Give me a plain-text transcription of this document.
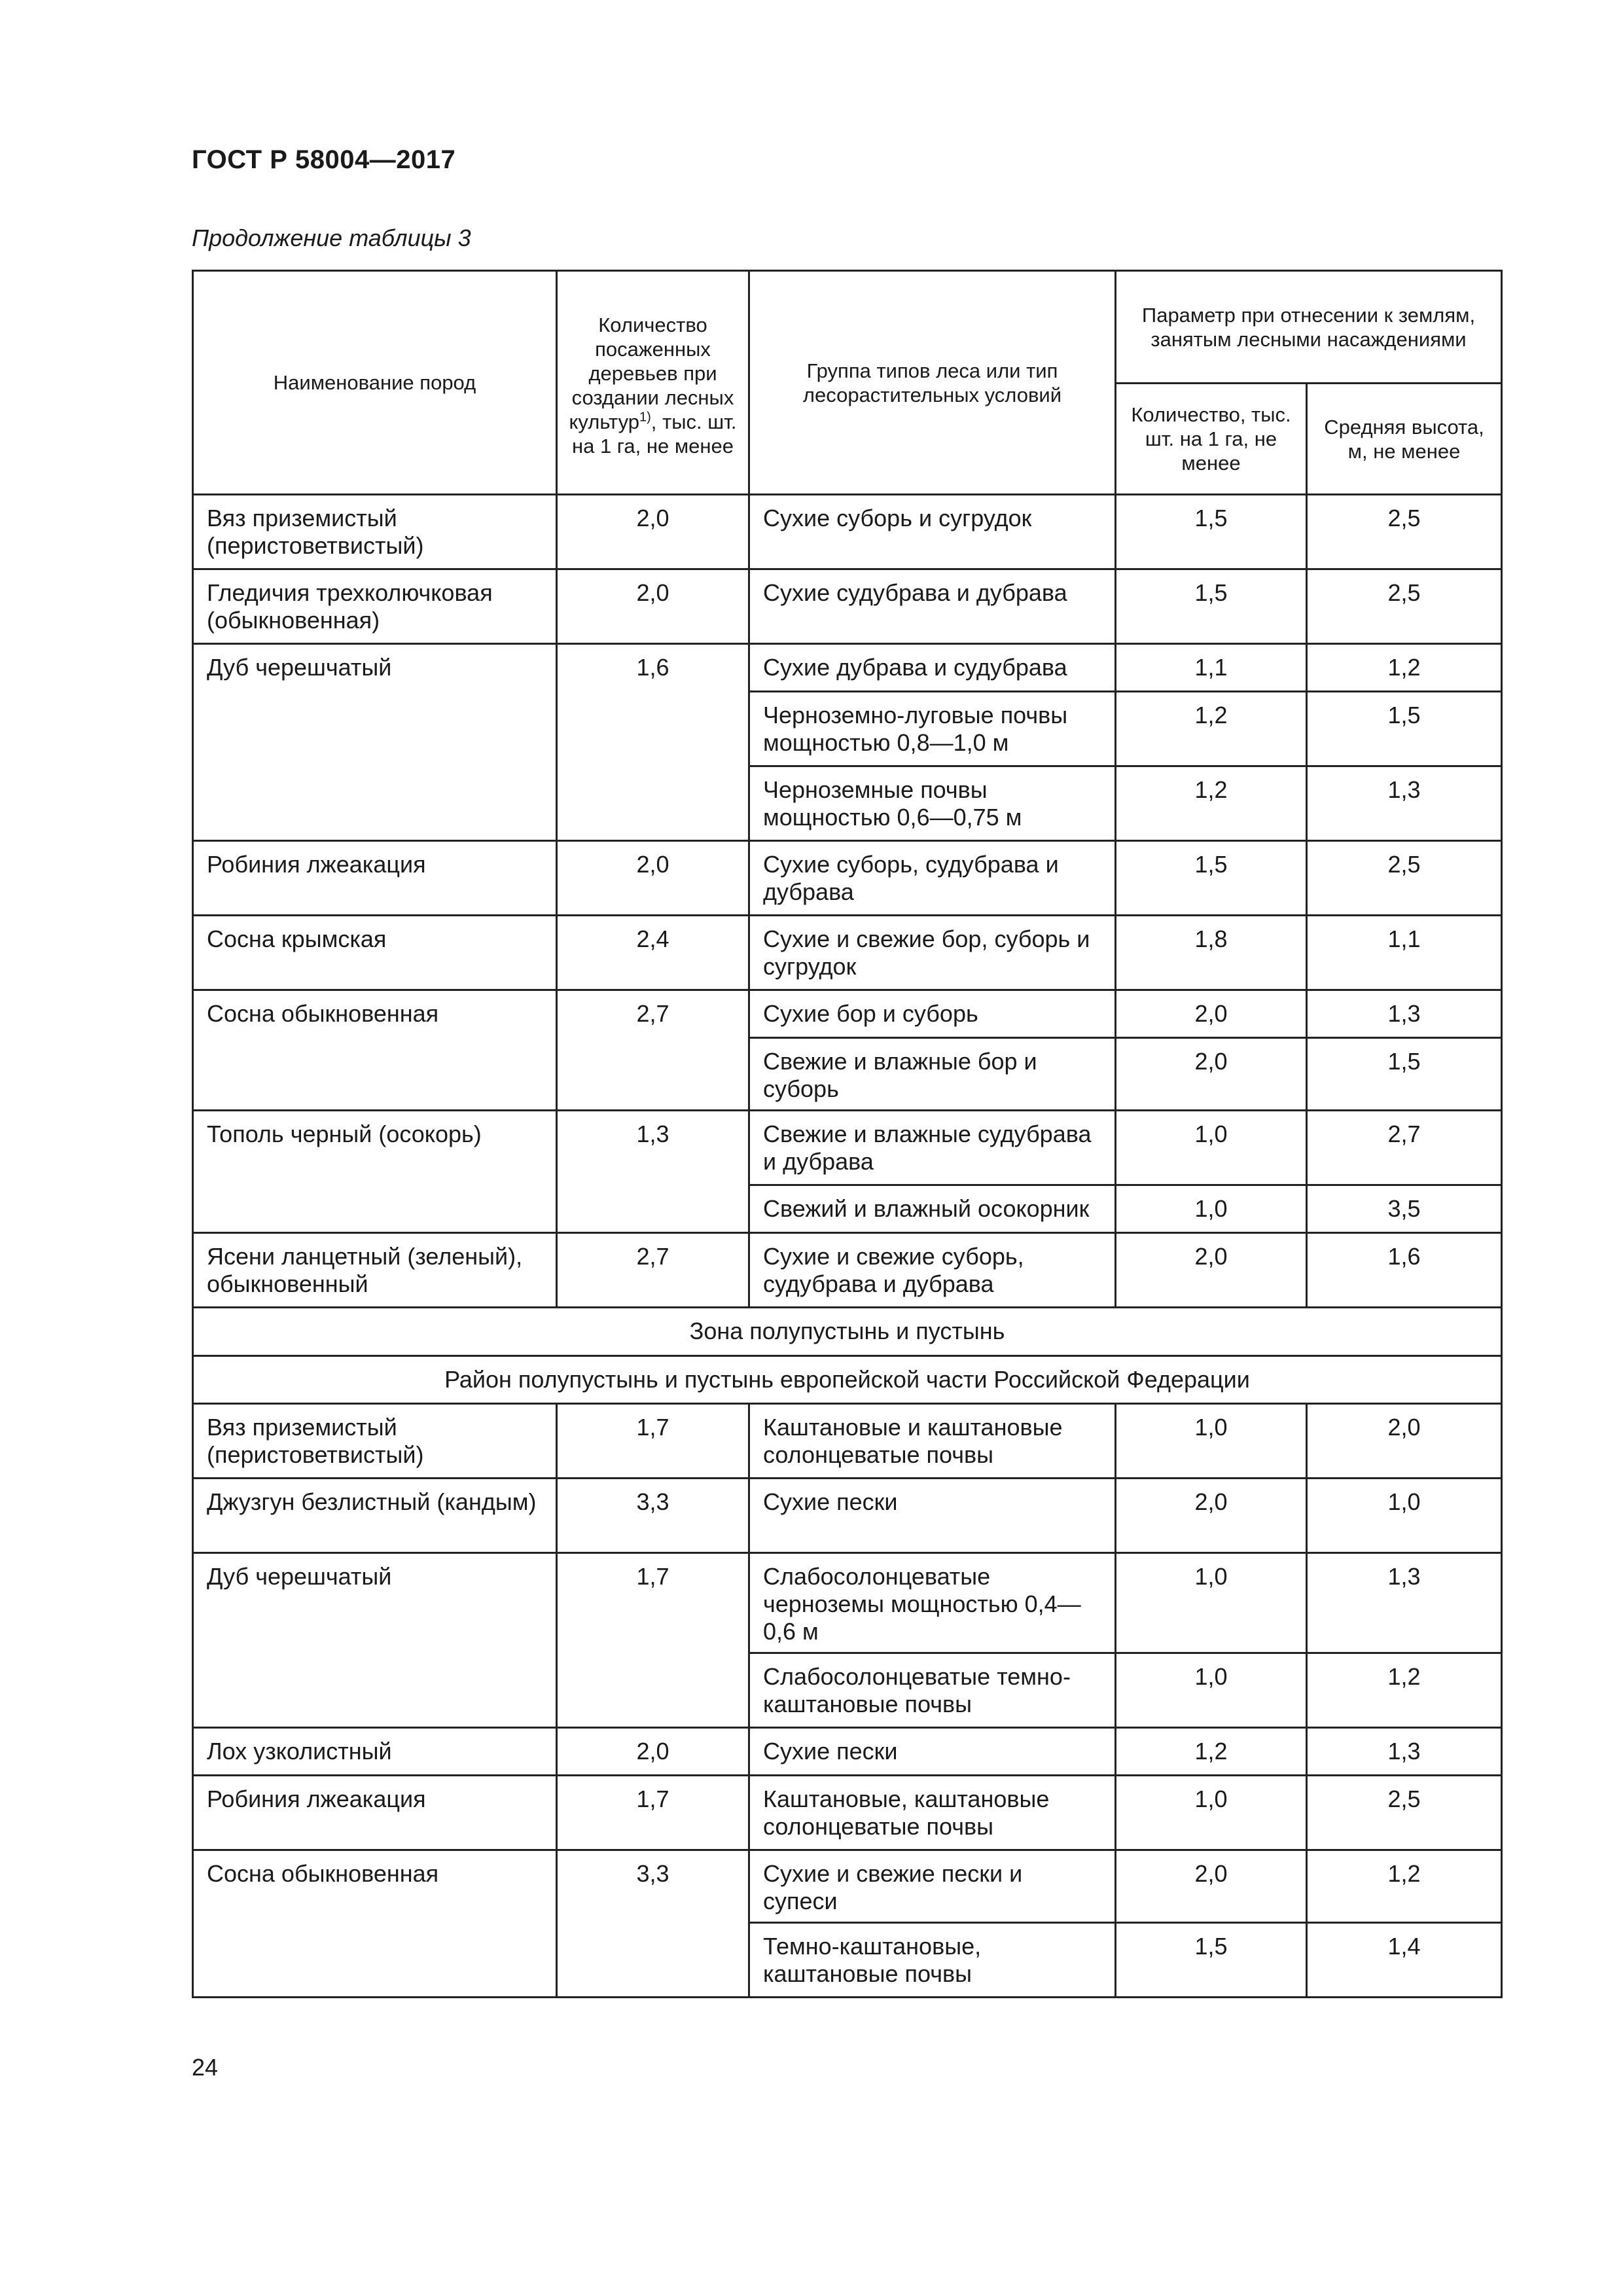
ГОСТ Р 58004—2017
Продолжение таблицы 3
Наименование пород	Количество посаженных деревьев при создании лесных культур$^{1)}$, тыс. шт. на 1 га, не менее	Группа типов леса или тип лесорастительных условий	Параметр при отнесении к землям, занятым лесными насаждениями	
			Количество, тыс. шт. на 1 га, не менее	Средняя высота, м, не менее
Вяз приземистый (перистоветвистый)	2,0	Сухие суборь и сугрудок	1,5	2,5
Гледичия трехколючковая (обыкновенная)	2,0	Сухие судубрава и дубрава	1,5	2,5
Дуб черешчатый	1,6	Сухие дубрава и судубрава	1,1	1,2
		Черноземно-луговые почвы мощностью 0,8—1,0 м	1,2	1,5
		Черноземные почвы мощностью 0,6—0,75 м	1,2	1,3
Робиния лжеакация	2,0	Сухие суборь, судубрава и дубрава	1,5	2,5
Сосна крымская	2,4	Сухие и свежие бор, суборь и сугрудок	1,8	1,1
Сосна обыкновенная	2,7	Сухие бор и суборь	2,0	1,3
		Свежие и влажные бор и суборь	2,0	1,5
Тополь черный (осокорь)	1,3	Свежие и влажные судубрава и дубрава	1,0	2,7
		Свежий и влажный осокорник	1,0	3,5
Ясени ланцетный (зеленый), обыкновенный	2,7	Сухие и свежие суборь, судубрава и дубрава	2,0	1,6
Зона полупустынь и пустынь				
Район полупустынь и пустынь европейской части Российской Федерации				
Вяз приземистый (перистоветвистый)	1,7	Каштановые и каштановые солонцеватые почвы	1,0	2,0
Джузгун безлистный (кандым)	3,3	Сухие пески	2,0	1,0
Дуб черешчатый	1,7	Слабосолонцеватые черноземы мощностью 0,4—0,6 м	1,0	1,3
		Слабосолонцеватые темно-каштановые почвы	1,0	1,2
Лох узколистный	2,0	Сухие пески	1,2	1,3
Робиния лжеакация	1,7	Каштановые, каштановые солонцеватые почвы	1,0	2,5
Сосна обыкновенная	3,3	Сухие и свежие пески и супеси	2,0	1,2
		Темно-каштановые, каштановые почвы	1,5	1,4
24
